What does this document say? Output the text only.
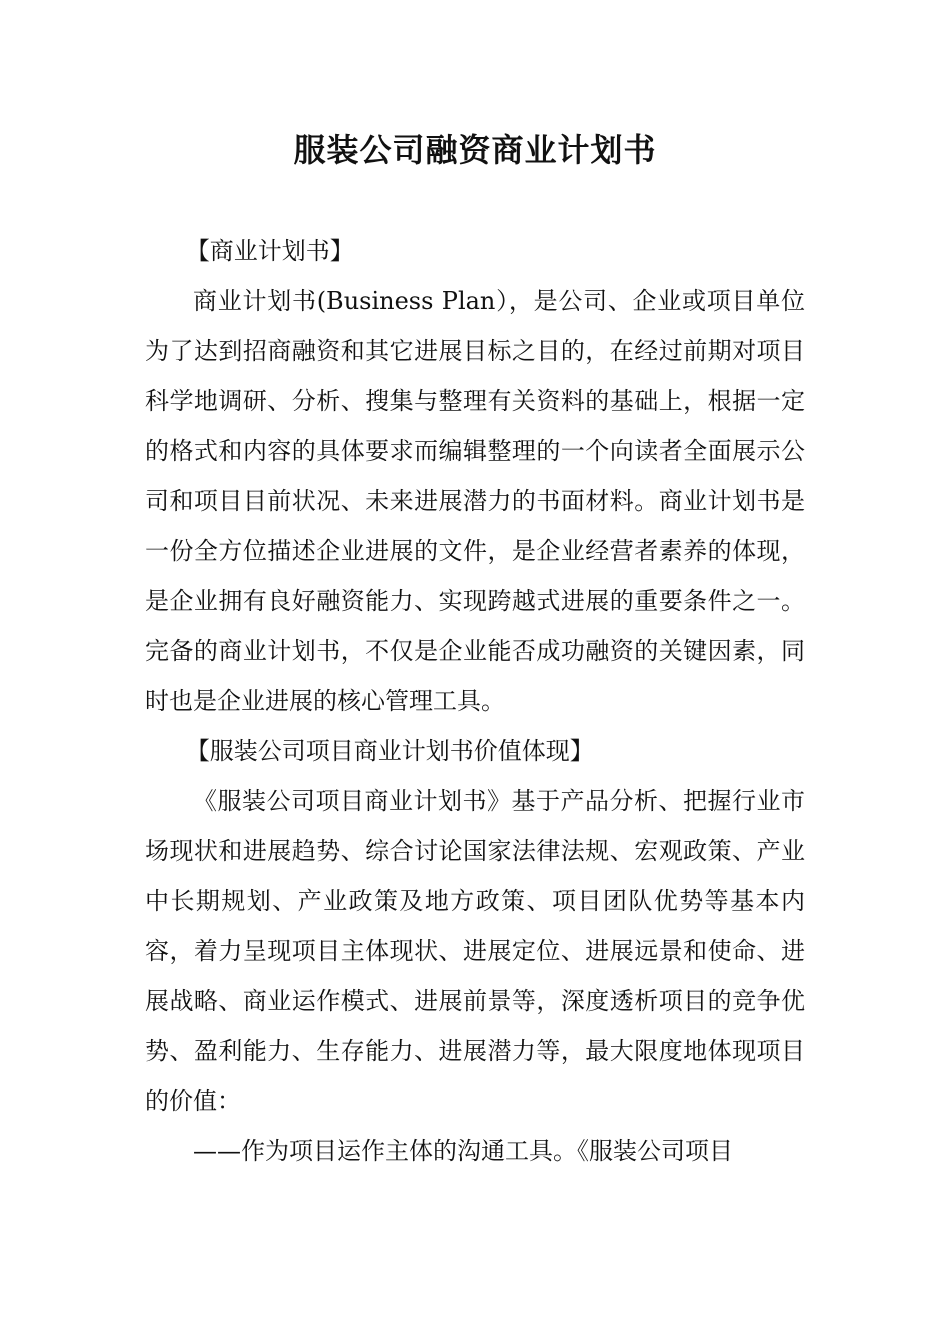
服装公司融资商业计划书

【商业计划书】

商业计划书(Business Plan），是公司、企业或项目单位为了达到招商融资和其它进展目标之目的，在经过前期对项目科学地调研、分析、搜集与整理有关资料的基础上，根据一定的格式和内容的具体要求而编辑整理的一个向读者全面展示公司和项目目前状况、未来进展潜力的书面材料。商业计划书是一份全方位描述企业进展的文件，是企业经营者素养的体现，是企业拥有良好融资能力、实现跨越式进展的重要条件之一。完备的商业计划书，不仅是企业能否成功融资的关键因素，同时也是企业进展的核心管理工具。

【服装公司项目商业计划书价值体现】

《服装公司项目商业计划书》基于产品分析、把握行业市场现状和进展趋势、综合讨论国家法律法规、宏观政策、产业中长期规划、产业政策及地方政策、项目团队优势等基本内容，着力呈现项目主体现状、进展定位、进展远景和使命、进展战略、商业运作模式、进展前景等，深度透析项目的竞争优势、盈利能力、生存能力、进展潜力等，最大限度地体现项目的价值：

——作为项目运作主体的沟通工具。《服装公司项目
